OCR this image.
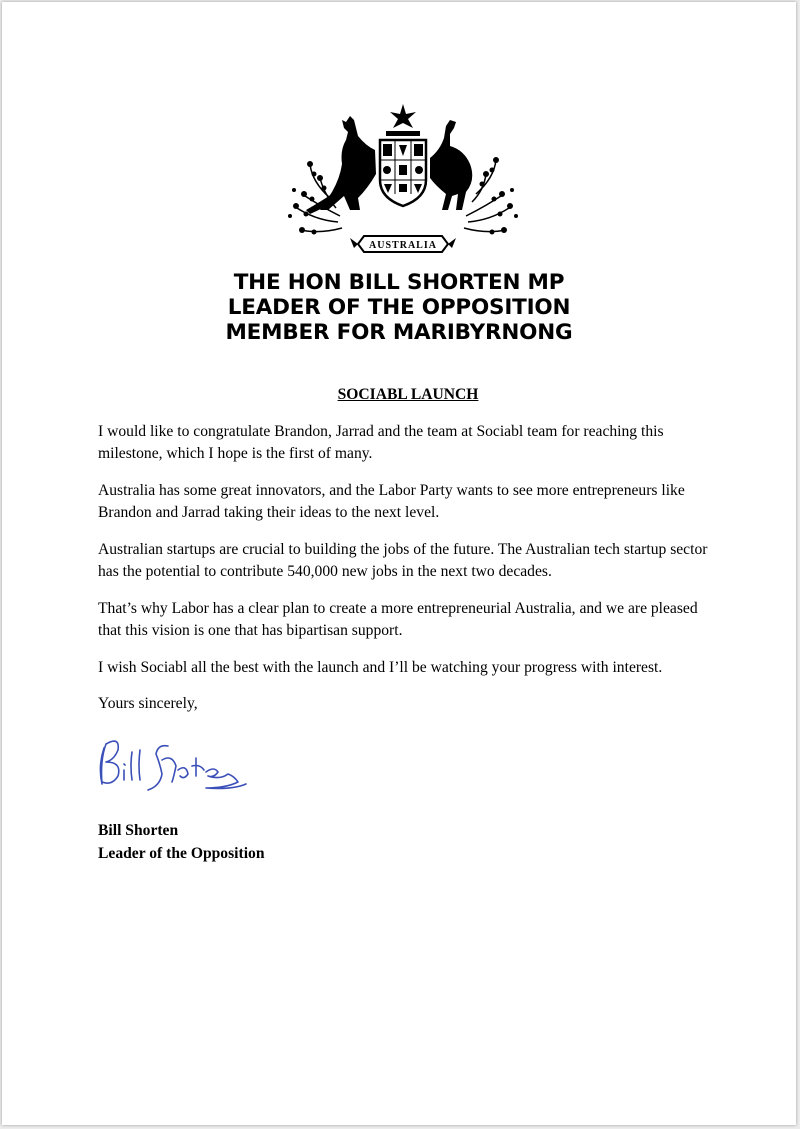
AUSTRALIA
THE HON BILL SHORTEN MP
LEADER OF THE OPPOSITION
MEMBER FOR MARIBYRNONG
SOCIABL LAUNCH

I would like to congratulate Brandon, Jarrad and the team at Sociabl team for reaching this milestone, which I hope is the first of many.

Australia has some great innovators, and the Labor Party wants to see more entrepreneurs like Brandon and Jarrad taking their ideas to the next level.

Australian startups are crucial to building the jobs of the future. The Australian tech startup sector has the potential to contribute 540,000 new jobs in the next two decades.

That’s why Labor has a clear plan to create a more entrepreneurial Australia, and we are pleased that this vision is one that has bipartisan support.

I wish Sociabl all the best with the launch and I’ll be watching your progress with interest.

Yours sincerely,

Bill Shorten
Leader of the Opposition
